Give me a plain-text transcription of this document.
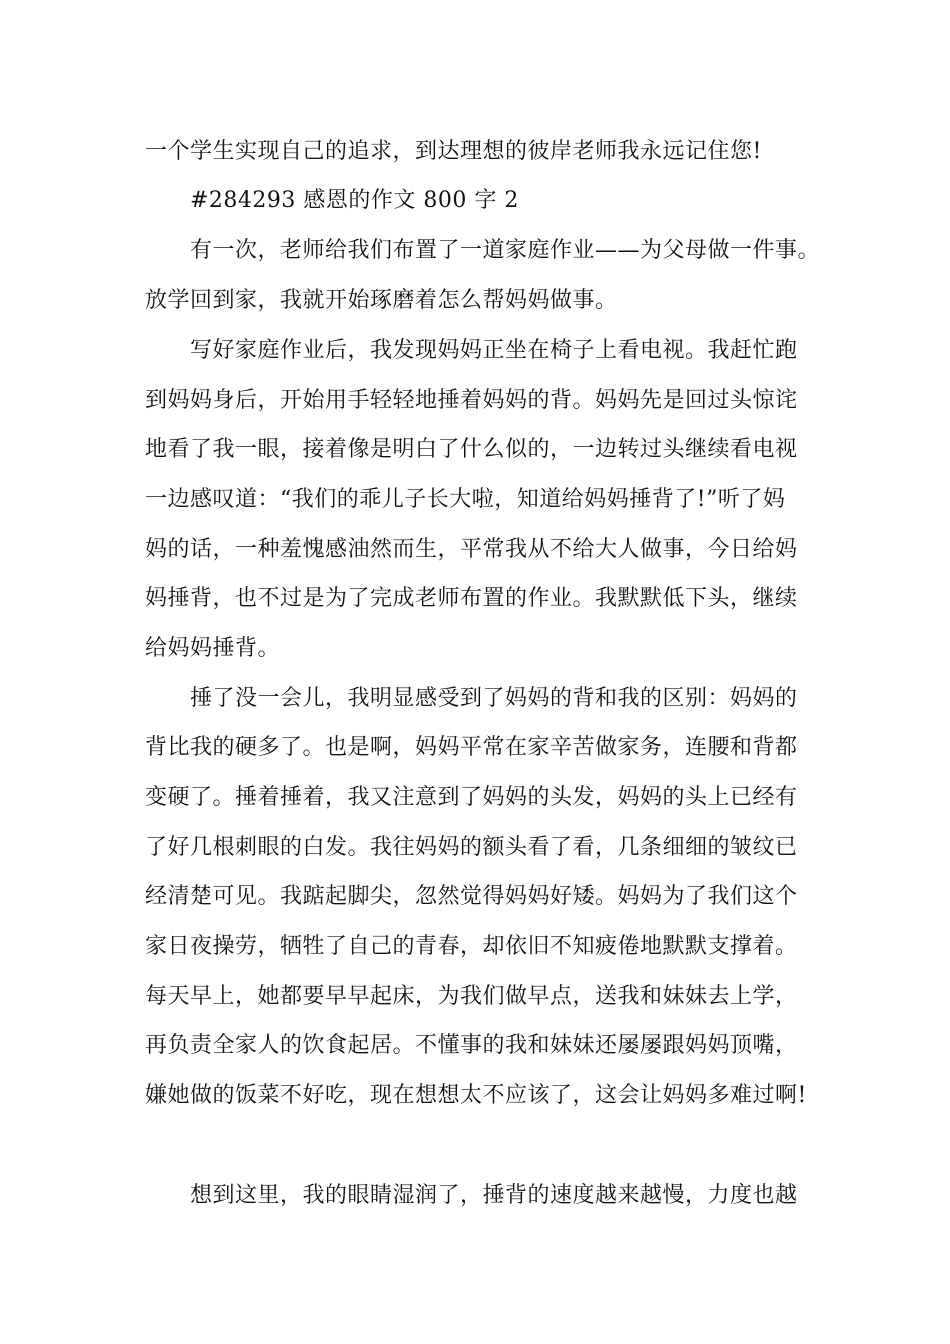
一个学生实现自己的追求，到达理想的彼岸老师我永远记住您!
#284293 感恩的作文 800 字 2
有一次，老师给我们布置了一道家庭作业——为父母做一件事。
放学回到家，我就开始琢磨着怎么帮妈妈做事。
写好家庭作业后，我发现妈妈正坐在椅子上看电视。我赶忙跑
到妈妈身后，开始用手轻轻地捶着妈妈的背。妈妈先是回过头惊诧
地看了我一眼，接着像是明白了什么似的，一边转过头继续看电视
一边感叹道：“我们的乖儿子长大啦，知道给妈妈捶背了!”听了妈
妈的话，一种羞愧感油然而生，平常我从不给大人做事，今日给妈
妈捶背，也不过是为了完成老师布置的作业。我默默低下头，继续
给妈妈捶背。
捶了没一会儿，我明显感受到了妈妈的背和我的区别：妈妈的
背比我的硬多了。也是啊，妈妈平常在家辛苦做家务，连腰和背都
变硬了。捶着捶着，我又注意到了妈妈的头发，妈妈的头上已经有
了好几根刺眼的白发。我往妈妈的额头看了看，几条细细的皱纹已
经清楚可见。我踮起脚尖，忽然觉得妈妈好矮。妈妈为了我们这个
家日夜操劳，牺牲了自己的青春，却依旧不知疲倦地默默支撑着。
每天早上，她都要早早起床，为我们做早点，送我和妹妹去上学，
再负责全家人的饮食起居。不懂事的我和妹妹还屡屡跟妈妈顶嘴，
嫌她做的饭菜不好吃，现在想想太不应该了，这会让妈妈多难过啊!
想到这里，我的眼睛湿润了，捶背的速度越来越慢，力度也越
